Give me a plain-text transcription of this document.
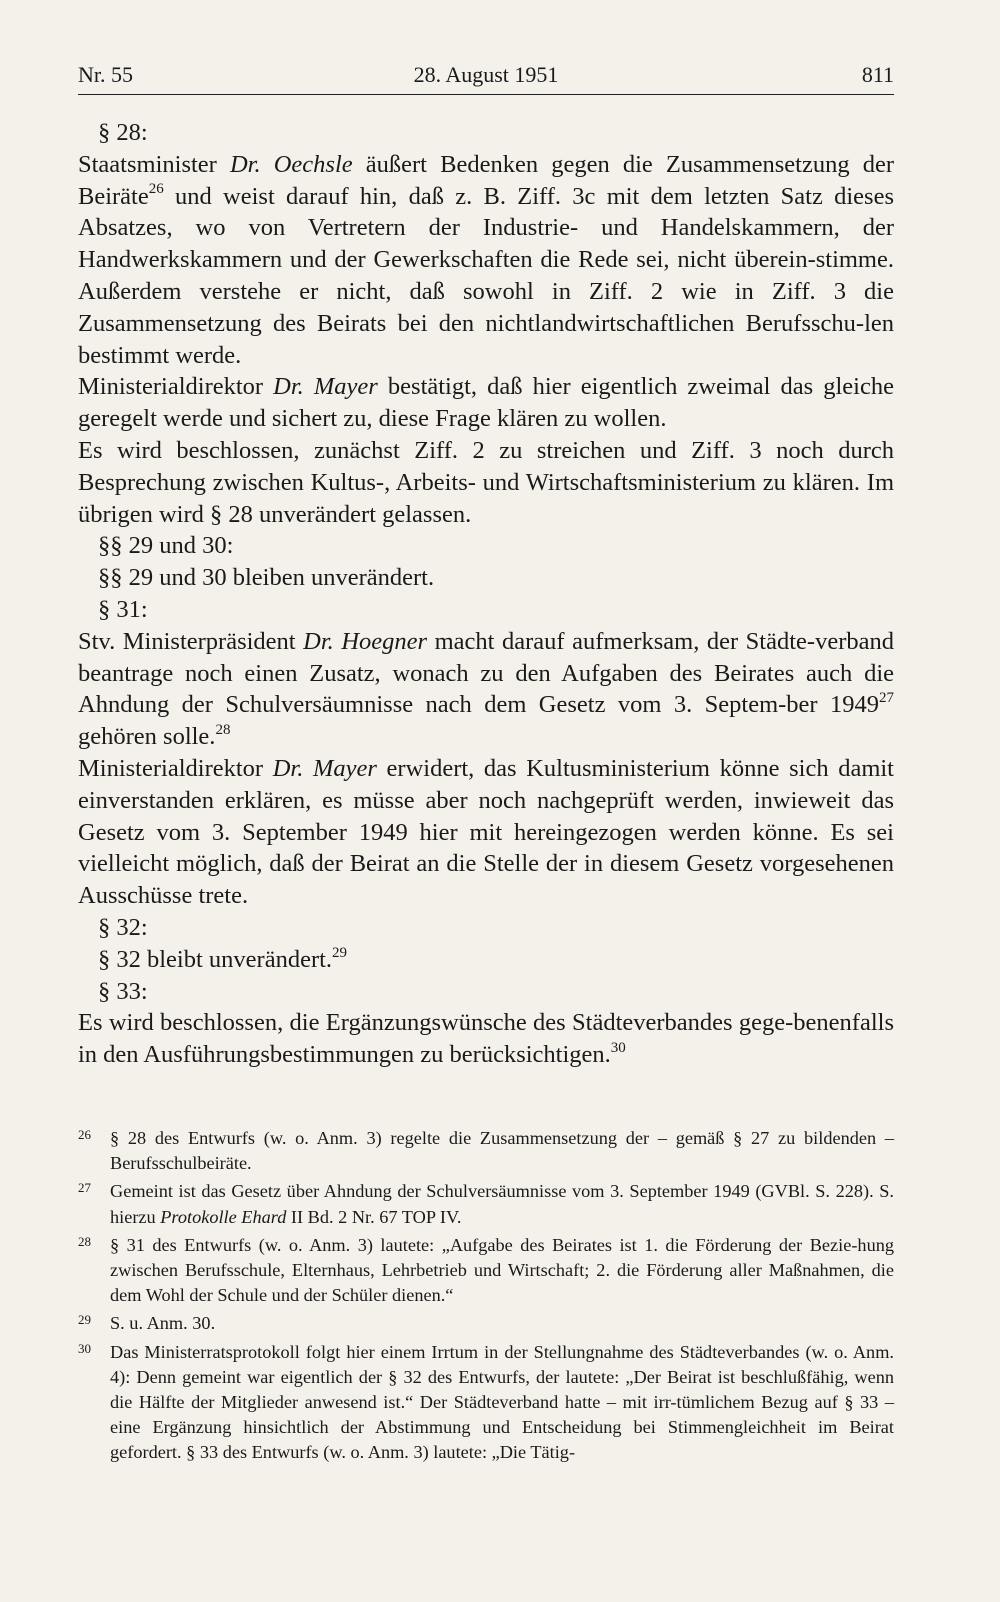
Nr. 55	28. August 1951	811

§ 28:

Staatsminister Dr. Oechsle äußert Bedenken gegen die Zusammensetzung der Beiräte$^{26}$ und weist darauf hin, daß z. B. Ziff. 3c mit dem letzten Satz dieses Absatzes, wo von Vertretern der Industrie- und Handelskammern, der Handwerkskammern und der Gewerkschaften die Rede sei, nicht überein-stimme. Außerdem verstehe er nicht, daß sowohl in Ziff. 2 wie in Ziff. 3 die Zusammensetzung des Beirats bei den nichtlandwirtschaftlichen Berufsschu-len bestimmt werde.

Ministerialdirektor Dr. Mayer bestätigt, daß hier eigentlich zweimal das gleiche geregelt werde und sichert zu, diese Frage klären zu wollen.

Es wird beschlossen, zunächst Ziff. 2 zu streichen und Ziff. 3 noch durch Besprechung zwischen Kultus-, Arbeits- und Wirtschaftsministerium zu klären. Im übrigen wird § 28 unverändert gelassen.

§§ 29 und 30:

§§ 29 und 30 bleiben unverändert.

§ 31:

Stv. Ministerpräsident Dr. Hoegner macht darauf aufmerksam, der Städte-verband beantrage noch einen Zusatz, wonach zu den Aufgaben des Beirates auch die Ahndung der Schulversäumnisse nach dem Gesetz vom 3. Septem-ber 1949$^{27}$ gehören solle.$^{28}$

Ministerialdirektor Dr. Mayer erwidert, das Kultusministerium könne sich damit einverstanden erklären, es müsse aber noch nachgeprüft werden, inwieweit das Gesetz vom 3. September 1949 hier mit hereingezogen werden könne. Es sei vielleicht möglich, daß der Beirat an die Stelle der in diesem Gesetz vorgesehenen Ausschüsse trete.

§ 32:

§ 32 bleibt unverändert.$^{29}$

§ 33:

Es wird beschlossen, die Ergänzungswünsche des Städteverbandes gege-benenfalls in den Ausführungsbestimmungen zu berücksichtigen.$^{30}$

26 § 28 des Entwurfs (w. o. Anm. 3) regelte die Zusammensetzung der – gemäß § 27 zu bildenden – Berufsschulbeiräte.
27 Gemeint ist das Gesetz über Ahndung der Schulversäumnisse vom 3. September 1949 (GVBl. S. 228). S. hierzu Protokolle Ehard II Bd. 2 Nr. 67 TOP IV.
28 § 31 des Entwurfs (w. o. Anm. 3) lautete: „Aufgabe des Beirates ist 1. die Förderung der Bezie-hung zwischen Berufsschule, Elternhaus, Lehrbetrieb und Wirtschaft; 2. die Förderung aller Maßnahmen, die dem Wohl der Schule und der Schüler dienen.“
29 S. u. Anm. 30.
30 Das Ministerratsprotokoll folgt hier einem Irrtum in der Stellungnahme des Städteverbandes (w. o. Anm. 4): Denn gemeint war eigentlich der § 32 des Entwurfs, der lautete: „Der Beirat ist beschlußfähig, wenn die Hälfte der Mitglieder anwesend ist.“ Der Städteverband hatte – mit irr-tümlichem Bezug auf § 33 – eine Ergänzung hinsichtlich der Abstimmung und Entscheidung bei Stimmengleichheit im Beirat gefordert. § 33 des Entwurfs (w. o. Anm. 3) lautete: „Die Tätig-
